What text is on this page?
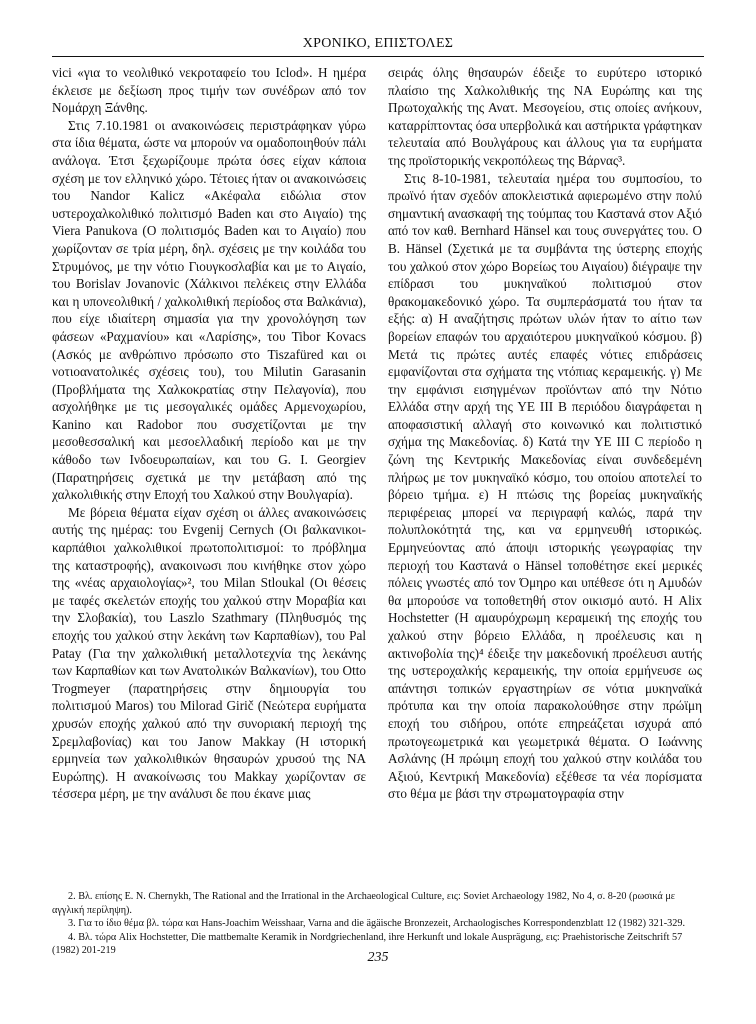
ΧΡΟΝΙΚΟ, ΕΠΙΣΤΟΛΕΣ

vici «για το νεολιθικό νεκροταφείο του Iclod». Η ημέρα έκλεισε με δεξίωση προς τιμήν των συνέδρων από τον Νομάρχη Ξάνθης.

Στις 7.10.1981 οι ανακοινώσεις περιστράφηκαν γύρω στα ίδια θέματα, ώστε να μπορούν να ομαδοποιηθούν πάλι ανάλογα. Έτσι ξεχωρίζουμε πρώτα όσες είχαν κάποια σχέση με τον ελληνικό χώρο. Τέτοιες ήταν οι ανακοινώσεις του Nandor Kalicz «Ακέφαλα ειδώλια στον υστεροχαλκολιθικό πολιτισμό Baden και στο Αιγαίο) της Viera Panukova (Ο πολιτισμός Baden και το Αιγαίο) που χωρίζονταν σε τρία μέρη, δηλ. σχέσεις με την κοιλάδα του Στρυμόνος, με την νότιο Γιουγκοσλαβία και με το Αιγαίο, του Borislav Jovanovic (Χάλκινοι πελέκεις στην Ελλάδα και η υπονεολιθική / χαλκολιθική περίοδος στα Βαλκάνια), που είχε ιδιαίτερη σημασία για την χρονολόγηση των φάσεων «Ραχμανίου» και «Λαρίσης», του Tibor Kovacs (Ασκός με ανθρώπινο πρόσωπο στο Tiszafüred και οι νοτιοανατολικές σχέσεις του), του Milutin Garasanin (Προβλήματα της Χαλκοκρατίας στην Πελαγονία), που ασχολήθηκε με τις μεσογαλικές ομάδες Αρμενοχωρίου, Kanino και Radobor που συσχετίζονται με την μεσοθεσσαλική και μεσοελλαδική περίοδο και με την κάθοδο των Ινδοευρωπαίων, και του G. I. Georgiev (Παρατηρήσεις σχετικά με την μετάβαση από της χαλκολιθικής στην Εποχή του Χαλκού στην Βουλγαρία).

Με βόρεια θέματα είχαν σχέση οι άλλες ανακοινώσεις αυτής της ημέρας: του Evgenij Cernych (Οι βαλκανικοι-καρπάθιοι χαλκολιθικοί πρωτοπολιτισμοί: το πρόβλημα της καταστροφής), ανακοινωσι που κινήθηκε στον χώρο της «νέας αρχαιολογίας»², του Milan Stloukal (Οι θέσεις με ταφές σκελετών εποχής του χαλκού στην Μοραβία και την Σλοβακία), του Laszlo Szathmary (Πληθυσμός της εποχής του χαλκού στην λεκάνη των Καρπαθίων), του Pal Patay (Για την χαλκολιθική μεταλλοτεχνία της λεκάνης των Καρπαθίων και των Ανατολικών Βαλκανίων), του Otto Trogmeyer (παρατηρήσεις στην δημιουργία του πολιτισμού Maros) του Milorad Girič (Νεώτερα ευρήματα χρυσών εποχής χαλκού από την συνοριακή περιοχή της Σρεμλαβονίας) και του Janow Makkay (Η ιστορική ερμηνεία των χαλκολιθικών θησαυρών χρυσού της ΝΑ Ευρώπης). Η ανακοίνωσις του Makkay χωρίζονταν σε τέσσερα μέρη, με την ανάλυσι δε που έκανε μιας

σειράς όλης θησαυρών έδειξε το ευρύτερο ιστορικό πλαίσιο της Χαλκολιθικής της ΝΑ Ευρώπης και της Πρωτοχαλκής της Ανατ. Μεσογείου, στις οποίες ανήκουν, καταρρίπτοντας όσα υπερβολικά και αστήρικτα γράφτηκαν τελευταία από Βουλγάρους και άλλους για τα ευρήματα της προϊστορικής νεκροπόλεως της Βάρνας³.

Στις 8-10-1981, τελευταία ημέρα του συμποσίου, το πρωϊνό ήταν σχεδόν αποκλειστικά αφιερωμένο στην πολύ σημαντική ανασκαφή της τούμπας του Καστανά στον Αξιό από τον καθ. Bernhard Hänsel και τους συνεργάτες του. Ο Β. Hänsel (Σχετικά με τα συμβάντα της ύστερης εποχής του χαλκού στον χώρο Βορείως του Αιγαίου) διέγραψε την επίδρασι του μυκηναϊκού πολιτισμού στον θρακομακεδονικό χώρο. Τα συμπεράσματά του ήταν τα εξής: α) Η αναζήτησις πρώτων υλών ήταν το αίτιο των βορείων επαφών του αρχαιότερου μυκηναϊκού κόσμου. β) Μετά τις πρώτες αυτές επαφές νότιες επιδράσεις εμφανίζονται στα σχήματα της ντόπιας κεραμεικής. γ) Με την εμφάνισι εισηγμένων προϊόντων από την Νότιο Ελλάδα στην αρχή της ΥΕ ΙΙΙ Β περιόδου διαγράφεται η αποφασιστική αλλαγή στο κοινωνικό και πολιτιστικό σχήμα της Μακεδονίας. δ) Κατά την ΥΕ ΙΙΙ C περίοδο η ζώνη της Κεντρικής Μακεδονίας είναι συνδεδεμένη πλήρως με τον μυκηναϊκό κόσμο, του οποίου αποτελεί το βόρειο τμήμα. ε) Η πτώσις της βορείας μυκηναϊκής περιφέρειας μπορεί να περιγραφή καλώς, παρά την πολυπλοκότητά της, και να ερμηνευθή ιστορικώς. Ερμηνεύοντας από άποψι ιστορικής γεωγραφίας την περιοχή του Καστανά ο Hänsel τοποθέτησε εκεί μερικές πόλεις γνωστές από τον Όμηρο και υπέθεσε ότι η Αμυδών θα μπορούσε να τοποθετηθή στον οικισμό αυτό. Η Alix Hochstetter (Η αμαυρόχρωμη κεραμεική της εποχής του χαλκού στην βόρειο Ελλάδα, η προέλευσις και η ακτινοβολία της)⁴ έδειξε την μακεδονική προέλευσι αυτής της υστεροχαλκής κεραμεικής, την οποία ερμήνευσε ως απάντησι τοπικών εργαστηρίων σε νότια μυκηναϊκά πρότυπα και την οποία παρακολούθησε στην πρώϊμη εποχή του σιδήρου, οπότε επηρεάζεται ισχυρά από πρωτογεωμετρικά και γεωμετρικά θέματα. Ο Ιωάννης Ασλάνης (Η πρώιμη εποχή του χαλκού στην κοιλάδα του Αξιού, Κεντρική Μακεδονία) εξέθεσε τα νέα πορίσματα στο θέμα με βάσι την στρωματογραφία στην

2. Βλ. επίσης E. N. Chernykh, The Rational and the Irrational in the Archaeological Culture, εις: Soviet Archaeology 1982, No 4, σ. 8-20 (ρωσικά με αγγλική περίληψη).

3. Για το ίδιο θέμα βλ. τώρα και Hans-Joachim Weisshaar, Varna and die ägäische Bronzezeit, Archaologisches Korrespondenzblatt 12 (1982) 321-329.

4. Βλ. τώρα Alix Hochstetter, Die mattbemalte Keramik in Nordgriechenland, ihre Herkunft und lokale Ausprägung, εις: Praehistorische Zeitschrift 57 (1982) 201-219	235
